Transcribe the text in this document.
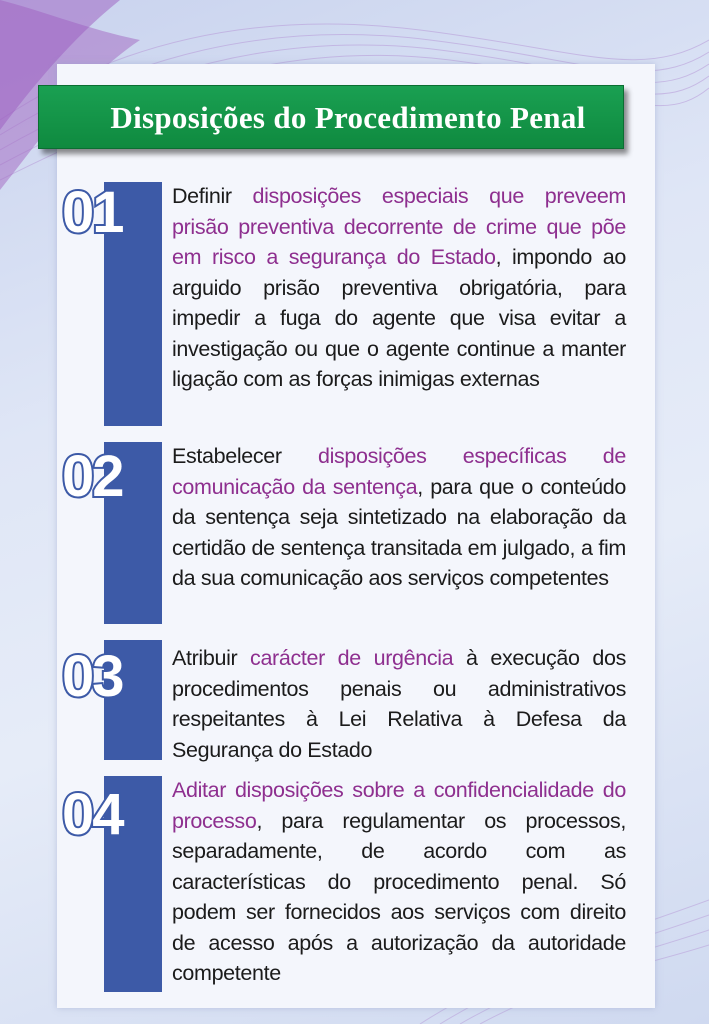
Disposições do Procedimento Penal
01 Definir disposições especiais que preveem prisão preventiva decorrente de crime que põe em risco a segurança do Estado, impondo ao arguido prisão preventiva obrigatória, para impedir a fuga do agente que visa evitar a investigação ou que o agente continue a manter ligação com as forças inimigas externas
02 Estabelecer disposições específicas de comunicação da sentença, para que o conteúdo da sentença seja sintetizado na elaboração da certidão de sentença transitada em julgado, a fim da sua comunicação aos serviços competentes
03 Atribuir carácter de urgência à execução dos procedimentos penais ou administrativos respeitantes à Lei Relativa à Defesa da Segurança do Estado
04 Aditar disposições sobre a confidencialidade do processo, para regulamentar os processos, separadamente, de acordo com as características do procedimento penal. Só podem ser fornecidos aos serviços com direito de acesso após a autorização da autoridade competente
